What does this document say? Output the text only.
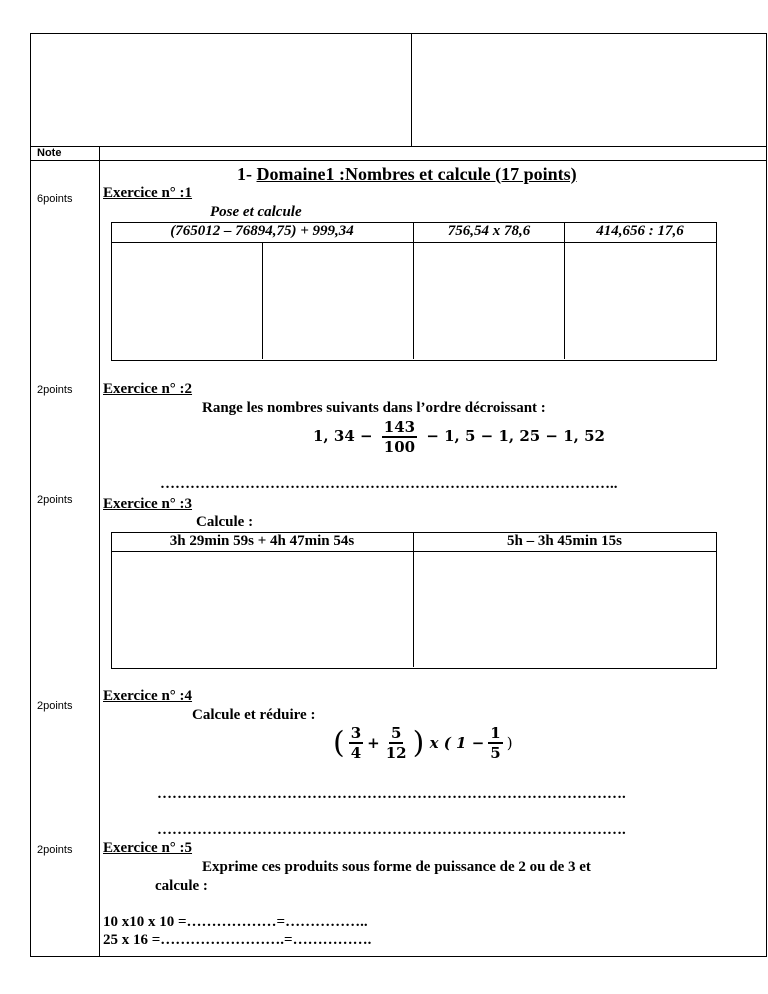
Note
1- Domaine1 :Nombres et calcule (17 points)
6points Exercice n° :1
Pose et calcule
(765012 – 76894,75) + 999,34	756,54 x 78,6	414,656 : 17,6
2points Exercice n° :2
Range les nombres suivants dans l’ordre décroissant :
1, $34 - \frac{143}{100} - 1$, 5 − 1, 25 − 1, 52
………………………………………………………………………………..
2points Exercice n° :3
Calcule :
3h 29min 59s + 4h 47min 54s	5h – 3h 45min 15s
2points
Exercice n° :4
Calcule et réduire :
( $\frac{3}{4} + \frac{5}{12}$ ) x ( $1 - \frac{1}{5}$ )
………………………………………………………………………………….
………………………………………………………………………………….
2points Exercice n° :5
Exprime ces produits sous forme de puissance de 2 ou de 3 et
calcule :
10 x10 x 10 =………………=……………..
25 x 16 =…………………….=…………….
